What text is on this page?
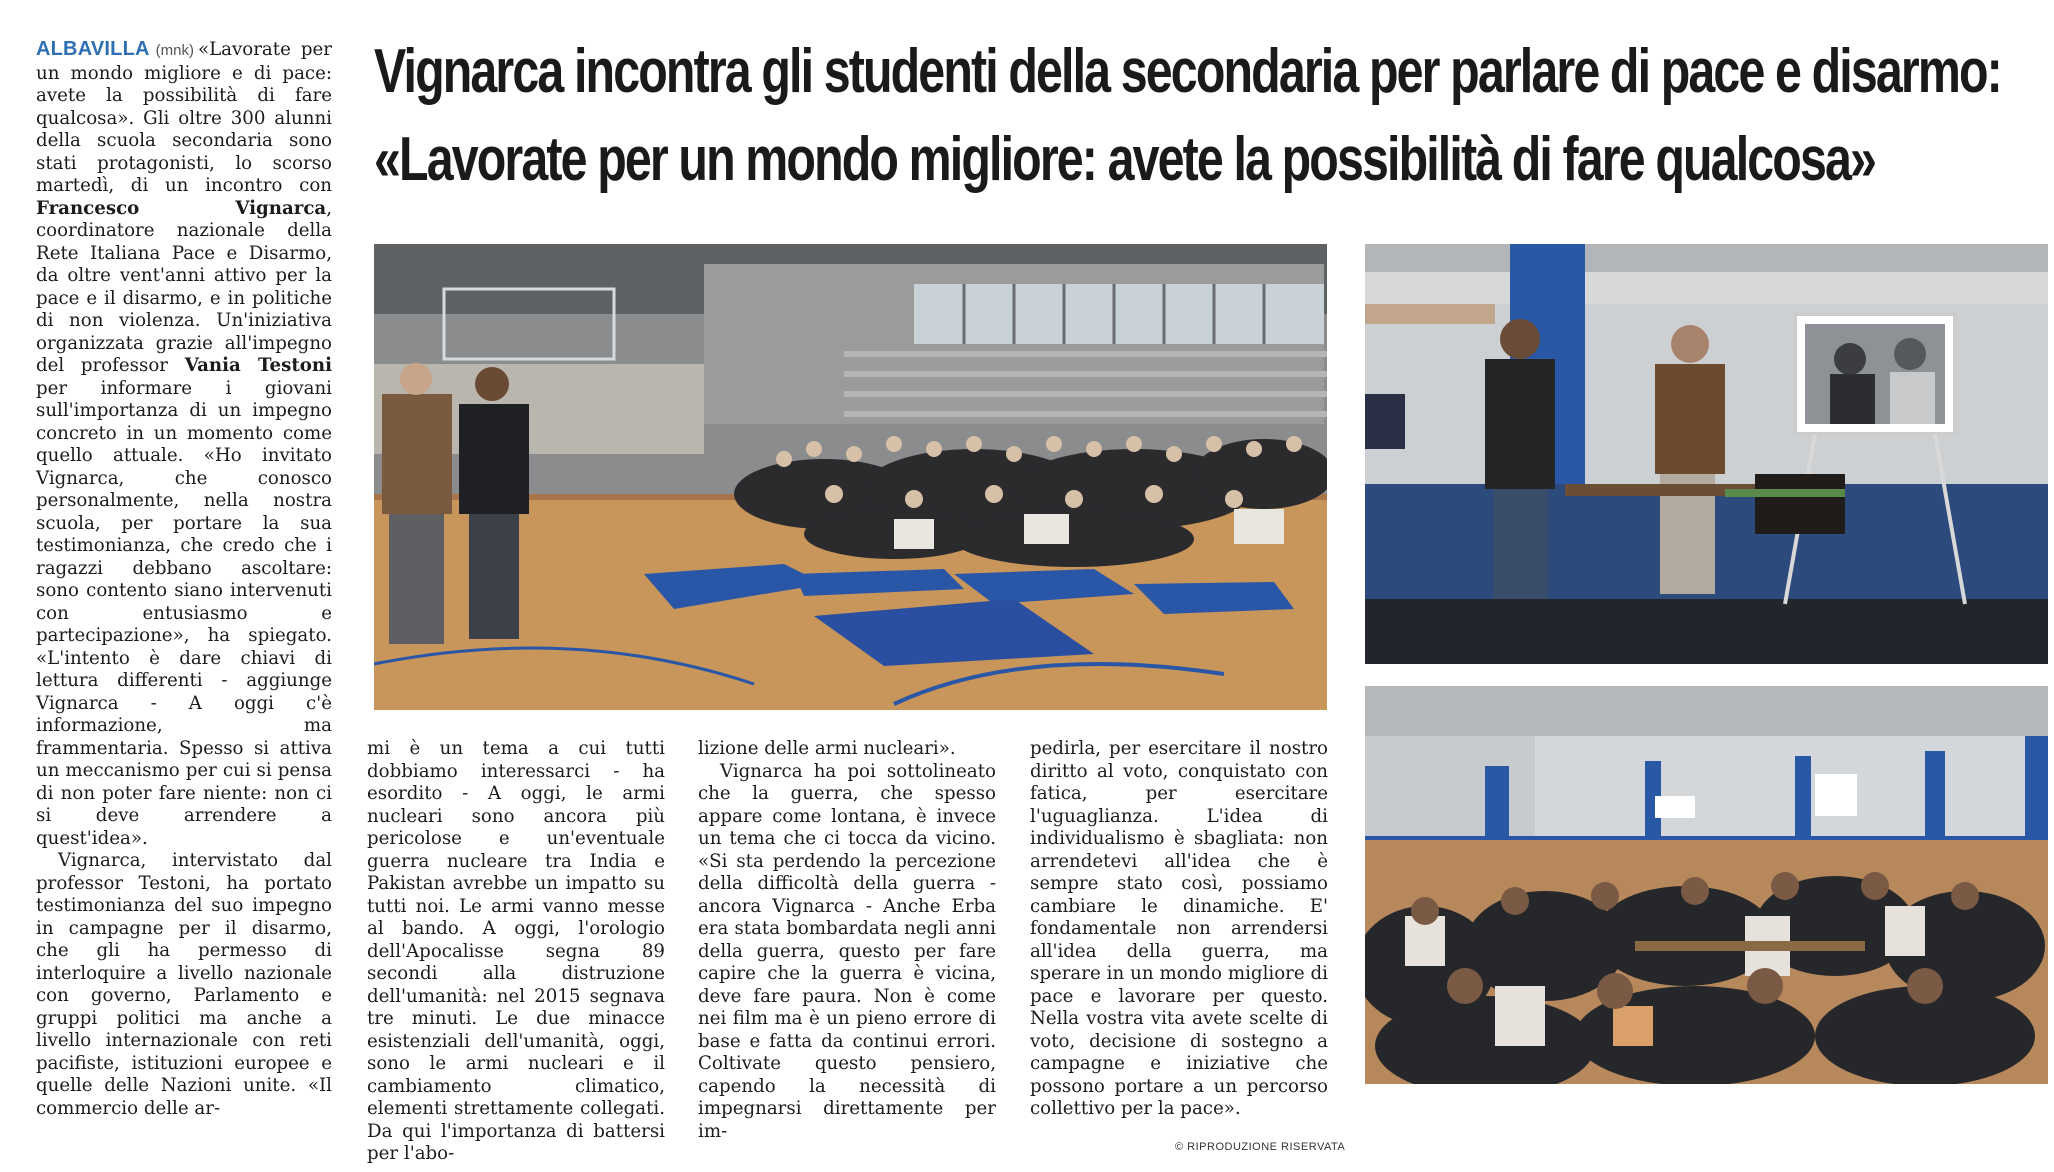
Vignarca incontra gli studenti della secondaria per parlare di pace e disarmo:
«Lavorate per un mondo migliore: avete la possibilità di fare qualcosa»

ALBAVILLA (mnk) «Lavorate per un mondo migliore e di pace: avete la possibilità di fare qualcosa». Gli oltre 300 alunni della scuola secondaria sono stati protagonisti, lo scorso martedì, di un incontro con Francesco Vignarca, coordinatore nazionale della Rete Italiana Pace e Disarmo, da oltre vent'anni attivo per la pace e il disarmo, e in politiche di non violenza. Un'iniziativa organizzata grazie all'impegno del professor Vania Testoni per informare i giovani sull'importanza di un impegno concreto in un momento come quello attuale. «Ho invitato Vignarca, che conosco personalmente, nella nostra scuola, per portare la sua testimonianza, che credo che i ragazzi debbano ascoltare: sono contento siano intervenuti con entusiasmo e partecipazione», ha spiegato. «L'intento è dare chiavi di lettura differenti - aggiunge Vignarca - A oggi c'è informazione, ma frammentaria. Spesso si attiva un meccanismo per cui si pensa di non poter fare niente: non ci si deve arrendere a quest'idea».

Vignarca, intervistato dal professor Testoni, ha portato testimonianza del suo impegno in campagne per il disarmo, che gli ha permesso di interloquire a livello nazionale con governo, Parlamento e gruppi politici ma anche a livello internazionale con reti pacifiste, istituzioni europee e quelle delle Nazioni unite. «Il commercio delle ar-

mi è un tema a cui tutti dobbiamo interessarci - ha esordito - A oggi, le armi nucleari sono ancora più pericolose e un'eventuale guerra nucleare tra India e Pakistan avrebbe un impatto su tutti noi. Le armi vanno messe al bando. A oggi, l'orologio dell'Apocalisse segna 89 secondi alla distruzione dell'umanità: nel 2015 segnava tre minuti. Le due minacce esistenziali dell'umanità, oggi, sono le armi nucleari e il cambiamento climatico, elementi strettamente collegati. Da qui l'importanza di battersi per l'abo-

lizione delle armi nucleari».

Vignarca ha poi sottolineato che la guerra, che spesso appare come lontana, è invece un tema che ci tocca da vicino. «Si sta perdendo la percezione della difficoltà della guerra - ancora Vignarca - Anche Erba era stata bombardata negli anni della guerra, questo per fare capire che la guerra è vicina, deve fare paura. Non è come nei film ma è un pieno errore di base e fatta da continui errori. Coltivate questo pensiero, capendo la necessità di impegnarsi direttamente per im-

pedirla, per esercitare il nostro diritto al voto, conquistato con fatica, per esercitare l'uguaglianza. L'idea di individualismo è sbagliata: non arrendetevi all'idea che è sempre stato così, possiamo cambiare le dinamiche. E' fondamentale non arrendersi all'idea della guerra, ma sperare in un mondo migliore di pace e lavorare per questo. Nella vostra vita avete scelte di voto, decisione di sostegno a campagne e iniziative che possono portare a un percorso collettivo per la pace».

© RIPRODUZIONE RISERVATA
